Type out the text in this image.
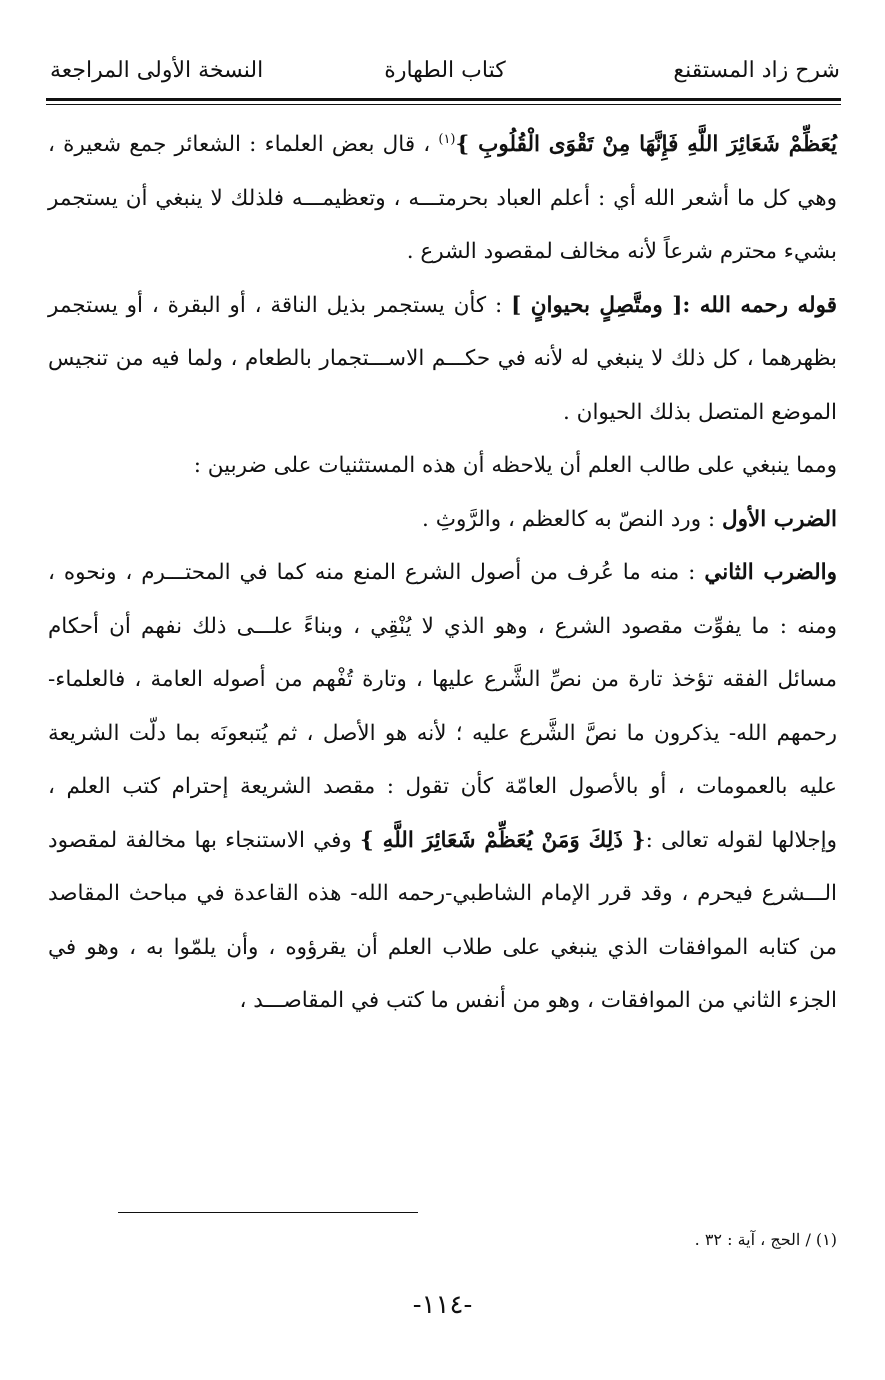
شرح زاد المستقنع
كتاب الطهارة
النسخة الأولى المراجعة

يُعَظِّمْ شَعَائِرَ اللَّهِ فَإِنَّهَا مِنْ تَقْوَى الْقُلُوبِ }$^{(١)}$ ، قال بعض العلماء : الشعائر جمع شعيرة ، وهي كل ما أشعر الله أي : أعلم العباد بحرمتـــه ، وتعظيمـــه فلذلك لا ينبغي أن يستجمر بشيء محترم شرعاً لأنه مخالف لمقصود الشرع .

قوله رحمه الله :[ ومتَّصِلٍ بحيوانٍ ] : كأن يستجمر بذيل الناقة ، أو البقرة ، أو يستجمر بظهرهما ، كل ذلك لا ينبغي له لأنه في حكـــم الاســـتجمار بالطعام ، ولما فيه من تنجيس الموضع المتصل بذلك الحيوان .

ومما ينبغي على طالب العلم أن يلاحظه أن هذه المستثنيات على ضربين :

الضرب الأول : ورد النصّ به كالعظم ، والرَّوثِ .

والضرب الثاني : منه ما عُرف من أصول الشرع المنع منه كما في المحتـــرم ، ونحوه ، ومنه : ما يفوِّت مقصود الشرع ، وهو الذي لا يُنْقِي ، وبناءً علـــى ذلك نفهم أن أحكام مسائل الفقه تؤخذ تارة من نصِّ الشَّرع عليها ، وتارة تُفْهم من أصوله العامة ، فالعلماء-رحمهم الله- يذكرون ما نصَّ الشَّرع عليه ؛ لأنه هو الأصل ، ثم يُتبعونَه بما دلّت الشريعة عليه بالعمومات ، أو بالأصول العامّة كأن تقول : مقصد الشريعة إحترام كتب العلم ، وإجلالها لقوله تعالى :{ ذَلِكَ وَمَنْ يُعَظِّمْ شَعَائِرَ اللَّهِ } وفي الاستنجاء بها مخالفة لمقصود الـــشرع فيحرم ، وقد قرر الإمام الشاطبي-رحمه الله- هذه القاعدة في مباحث المقاصد من كتابه الموافقات الذي ينبغي على طلاب العلم أن يقرؤوه ، وأن يلمّوا به ، وهو في الجزء الثاني من الموافقات ، وهو من أنفس ما كتب في المقاصـــد ،

(١) / الحج ، آية : ٣٢ .
-١١٤-
